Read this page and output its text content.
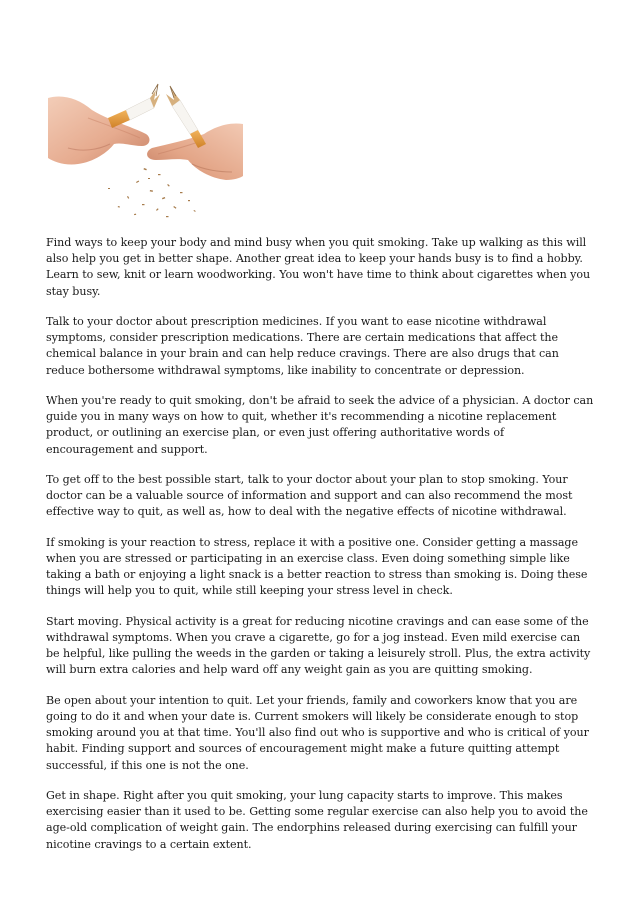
Find ways to keep your body and mind busy when you quit smoking. Take up walking as this will also help you get in better shape. Another great idea to keep your hands busy is to find a hobby. Learn to sew, knit or learn woodworking. You won't have time to think about cigarettes when you stay busy.

Talk to your doctor about prescription medicines. If you want to ease nicotine withdrawal symptoms, consider prescription medications. There are certain medications that affect the chemical balance in your brain and can help reduce cravings. There are also drugs that can reduce bothersome withdrawal symptoms, like inability to concentrate or depression.

When you're ready to quit smoking, don't be afraid to seek the advice of a physician. A doctor can guide you in many ways on how to quit, whether it's recommending a nicotine replacement product, or outlining an exercise plan, or even just offering authoritative words of encouragement and support.

To get off to the best possible start, talk to your doctor about your plan to stop smoking. Your doctor can be a valuable source of information and support and can also recommend the most effective way to quit, as well as, how to deal with the negative effects of nicotine withdrawal.

If smoking is your reaction to stress, replace it with a positive one. Consider getting a massage when you are stressed or participating in an exercise class. Even doing something simple like taking a bath or enjoying a light snack is a better reaction to stress than smoking is. Doing these things will help you to quit, while still keeping your stress level in check.

Start moving. Physical activity is a great for reducing nicotine cravings and can ease some of the withdrawal symptoms. When you crave a cigarette, go for a jog instead. Even mild exercise can be helpful, like pulling the weeds in the garden or taking a leisurely stroll. Plus, the extra activity will burn extra calories and help ward off any weight gain as you are quitting smoking.

Be open about your intention to quit. Let your friends, family and coworkers know that you are going to do it and when your date is. Current smokers will likely be considerate enough to stop smoking around you at that time. You'll also find out who is supportive and who is critical of your habit. Finding support and sources of encouragement might make a future quitting attempt successful, if this one is not the one.

Get in shape. Right after you quit smoking, your lung capacity starts to improve. This makes exercising easier than it used to be. Getting some regular exercise can also help you to avoid the age-old complication of weight gain. The endorphins released during exercising can fulfill your nicotine cravings to a certain extent.
